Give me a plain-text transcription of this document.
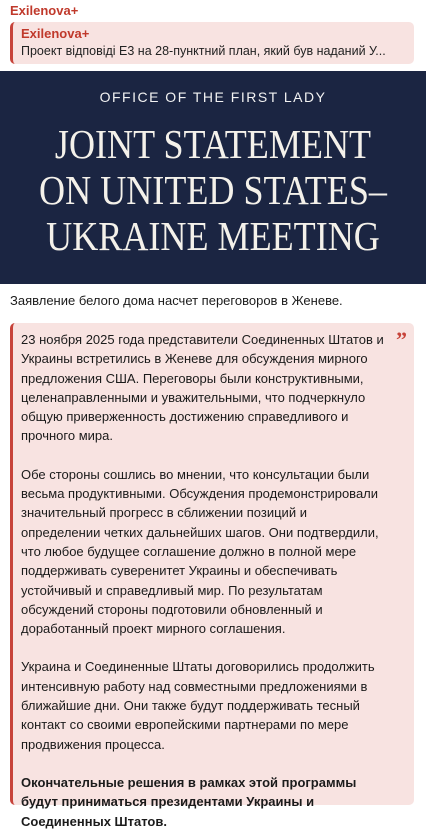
Exilenova+
Exilenova+
Проект відповіді Е3 на 28-пунктний план, який був наданий У...
OFFICE OF THE FIRST LADY
JOINT STATEMENT
ON UNITED STATES–
UKRAINE MEETING
Заявление белого дома насчет переговоров в Женеве.
”

23 ноября 2025 года представители Соединенных Штатов и Украины встретились в Женеве для обсуждения мирного предложения США. Переговоры были конструктивными, целенаправленными и уважительными, что подчеркнуло общую приверженность достижению справедливого и прочного мира.

Обе стороны сошлись во мнении, что консультации были весьма продуктивными. Обсуждения продемонстрировали значительный прогресс в сближении позиций и определении четких дальнейших шагов. Они подтвердили, что любое будущее соглашение должно в полной мере поддерживать суверенитет Украины и обеспечивать устойчивый и справедливый мир. По результатам обсуждений стороны подготовили обновленный и доработанный проект мирного соглашения.

Украина и Соединенные Штаты договорились продолжить интенсивную работу над совместными предложениями в ближайшие дни. Они также будут поддерживать тесный контакт со своими европейскими партнерами по мере продвижения процесса.

Окончательные решения в рамках этой программы будут приниматься президентами Украины и Соединенных Штатов.
